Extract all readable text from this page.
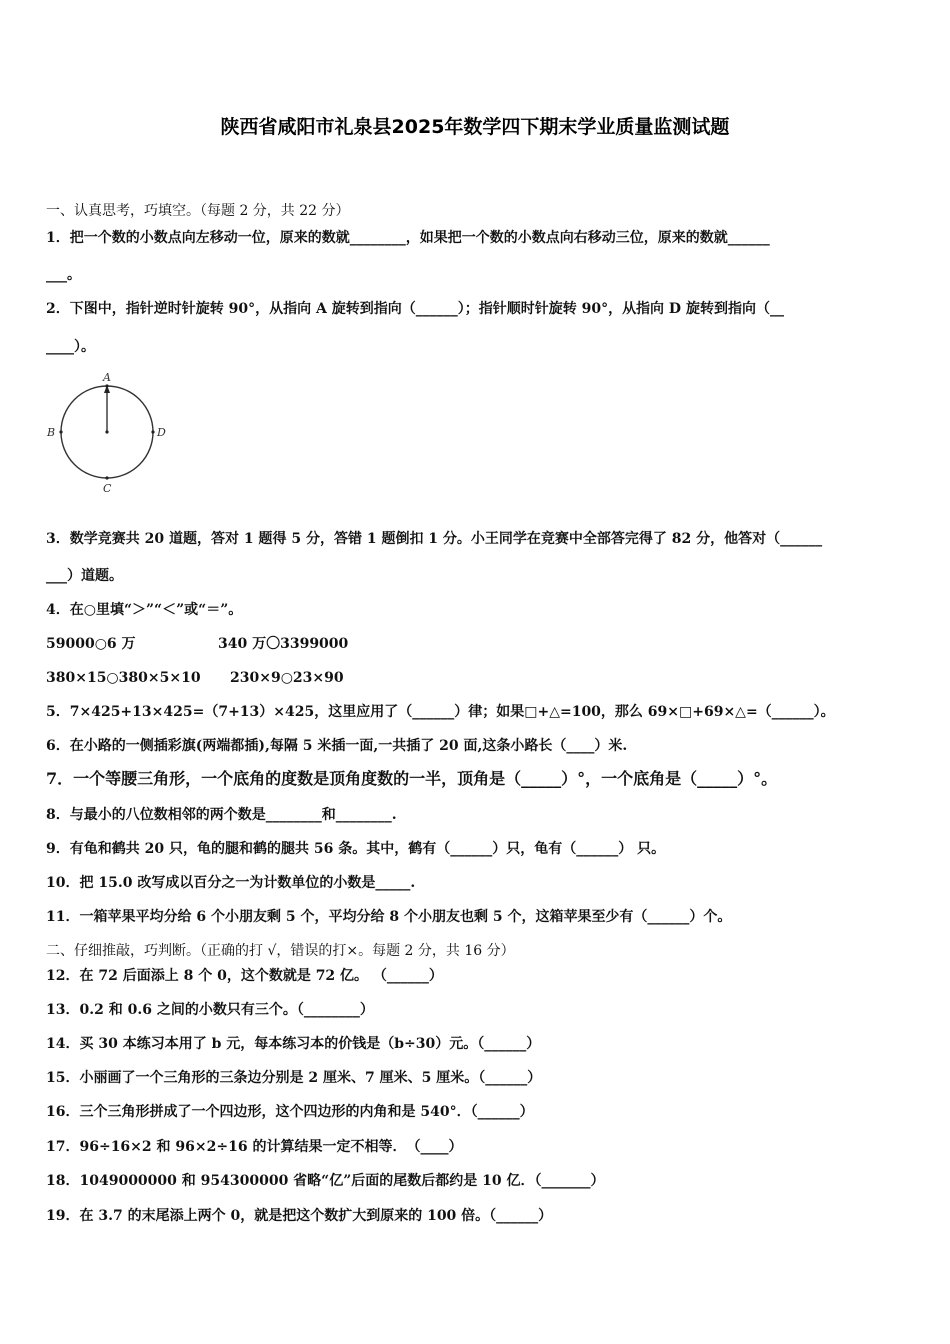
陕西省咸阳市礼泉县2025年数学四下期末学业质量监测试题
一、认真思考，巧填空。（每题 2 分，共 22 分）
1．把一个数的小数点向左移动一位，原来的数就________，如果把一个数的小数点向右移动三位，原来的数就______
___。
2．下图中，指针逆时针旋转 90°，从指向 A 旋转到指向（______）；指针顺时针旋转 90°，从指向 D 旋转到指向（__
____）。
A
B
C
D
3．数学竞赛共 20 道题，答对 1 题得 5 分，答错 1 题倒扣 1 分。小王同学在竞赛中全部答完得了 82 分，他答对（______
___）道题。
4．在○里填“＞”“＜”或“＝”。
59000○6 万	340 万〇3399000
380×15○380×5×10 230×9○23×90
5．7×425+13×425=（7+13）×425，这里应用了（______）律；如果□+△=100，那么 69×□+69×△=（______）。
6．在小路的一侧插彩旗(两端都插),每隔 5 米插一面,一共插了 20 面,这条小路长（____）米.
7．一个等腰三角形，一个底角的度数是顶角度数的一半，顶角是（_____）°，一个底角是（_____）°。
8．与最小的八位数相邻的两个数是________和________.
9．有龟和鹤共 20 只，龟的腿和鹤的腿共 56 条。其中，鹤有（______）只，龟有（______） 只。
10．把 15.0 改写成以百分之一为计数单位的小数是_____.
11．一箱苹果平均分给 6 个小朋友剩 5 个，平均分给 8 个小朋友也剩 5 个，这箱苹果至少有（______）个。
二、仔细推敲，巧判断。（正确的打 √，错误的打×。每题 2 分，共 16 分）
12．在 72 后面添上 8 个 0，这个数就是 72 亿。 （______）
13．0.2 和 0.6 之间的小数只有三个。（________）
14．买 30 本练习本用了 b 元，每本练习本的价钱是（b÷30）元。（______）
15．小丽画了一个三角形的三条边分别是 2 厘米、7 厘米、5 厘米。（______）
16．三个三角形拼成了一个四边形，这个四边形的内角和是 540°．（______）
17．96÷16×2 和 96×2÷16 的计算结果一定不相等．　（____）
18．1049000000 和 954300000 省略“亿”后面的尾数后都约是 10 亿．（_______）
19．在 3.7 的末尾添上两个 0，就是把这个数扩大到原来的 100 倍。（______）
